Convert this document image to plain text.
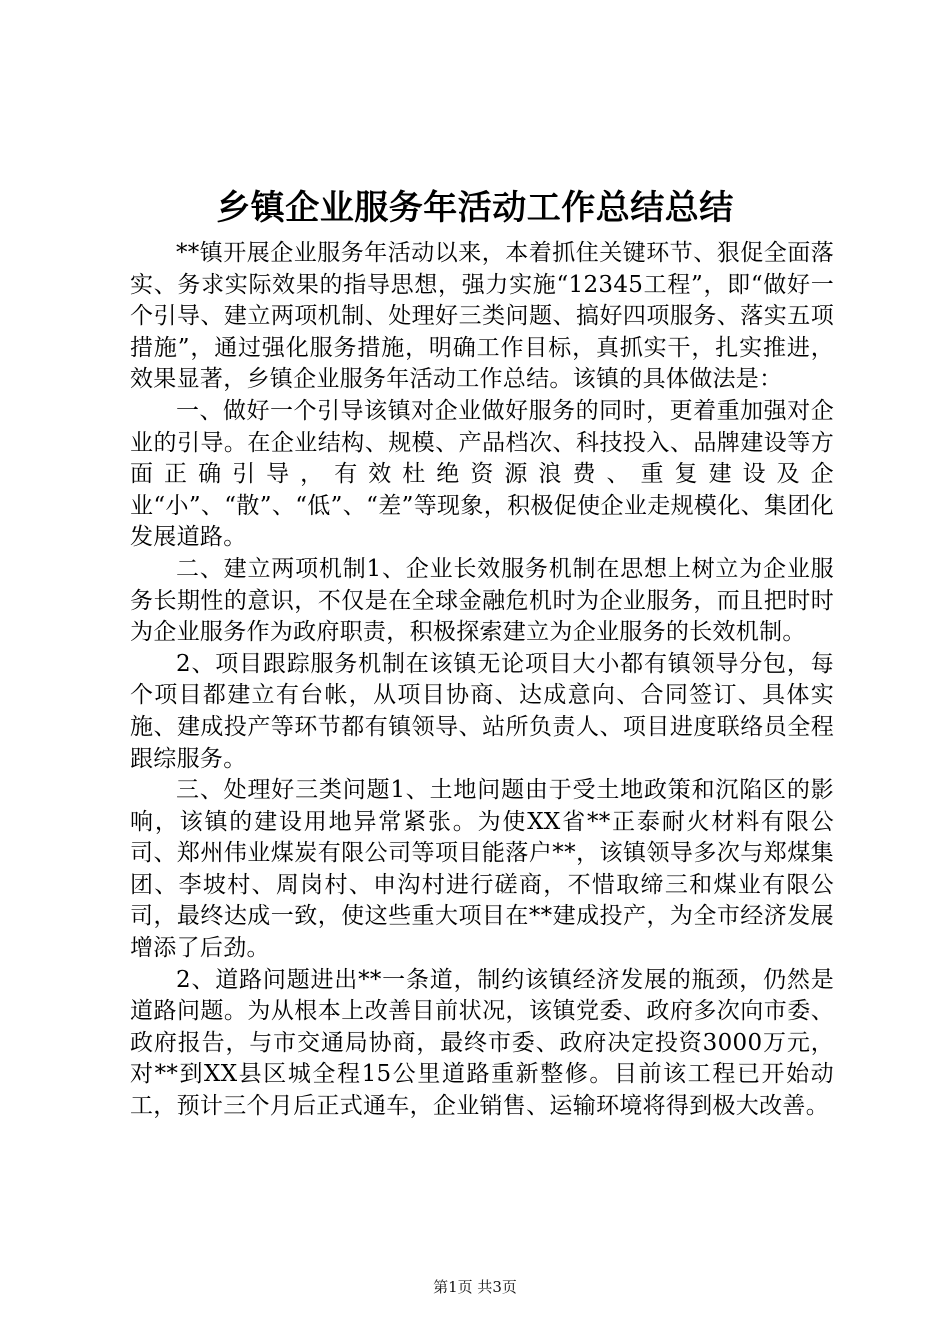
乡镇企业服务年活动工作总结总结

**镇开展企业服务年活动以来，本着抓住关键环节、狠促全面落实、务求实际效果的指导思想，强力实施“12345工程”，即“做好一个引导、建立两项机制、处理好三类问题、搞好四项服务、落实五项措施”，通过强化服务措施，明确工作目标，真抓实干，扎实推进，效果显著，乡镇企业服务年活动工作总结。该镇的具体做法是：

一、做好一个引导该镇对企业做好服务的同时，更着重加强对企业的引导。在企业结构、规模、产品档次、科技投入、品牌建设等方面正确引导，有效杜绝资源浪费、重复建设及企业“小”、“散”、“低”、“差”等现象，积极促使企业走规模化、集团化发展道路。

二、建立两项机制1、企业长效服务机制在思想上树立为企业服务长期性的意识，不仅是在全球金融危机时为企业服务，而且把时时为企业服务作为政府职责，积极探索建立为企业服务的长效机制。

2、项目跟踪服务机制在该镇无论项目大小都有镇领导分包，每个项目都建立有台帐，从项目协商、达成意向、合同签订、具体实施、建成投产等环节都有镇领导、站所负责人、项目进度联络员全程跟综服务。

三、处理好三类问题1、土地问题由于受土地政策和沉陷区的影响，该镇的建设用地异常紧张。为使XX省**正泰耐火材料有限公司、郑州伟业煤炭有限公司等项目能落户**，该镇领导多次与郑煤集团、李坡村、周岗村、申沟村进行磋商，不惜取缔三和煤业有限公司，最终达成一致，使这些重大项目在**建成投产，为全市经济发展增添了后劲。

2、道路问题进出**一条道，制约该镇经济发展的瓶颈，仍然是道路问题。为从根本上改善目前状况，该镇党委、政府多次向市委、政府报告，与市交通局协商，最终市委、政府决定投资3000万元，对**到XX县区城全程15公里道路重新整修。目前该工程已开始动工，预计三个月后正式通车，企业销售、运输环境将得到极大改善。

第1页 共3页
